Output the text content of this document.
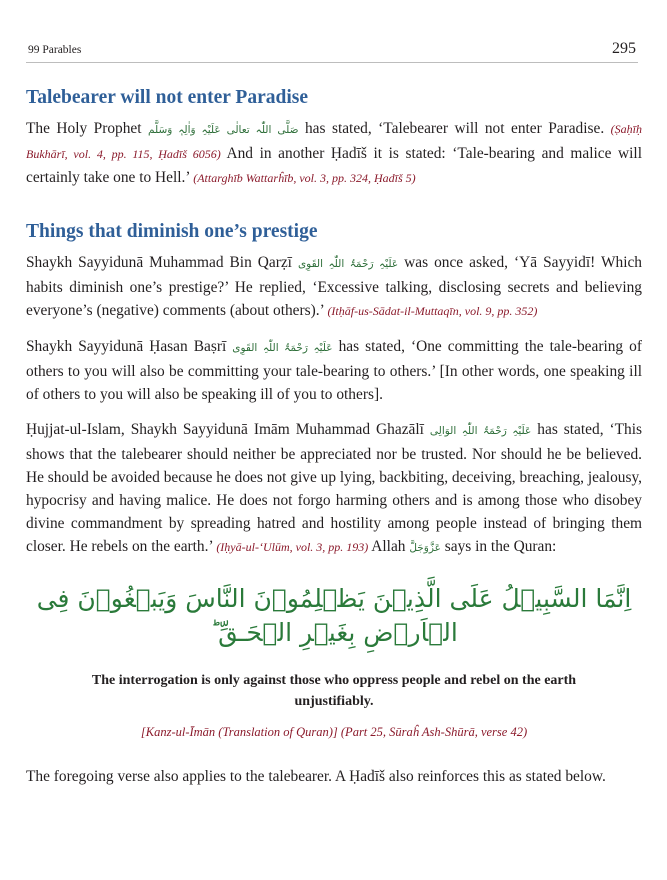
99 Parables	295
Talebearer will not enter Paradise

The Holy Prophet صَلَّی اللّٰہ تعالٰی عَلَیْہِ وَاٰلِہٖ وَسَلَّم has stated, ‘Talebearer will not enter Paradise. (Ṣaḥīḥ Bukhārī, vol. 4, pp. 115, Ḥadīš 6056) And in another Ḥadīš it is stated: ‘Tale-bearing and malice will certainly take one to Hell.’ (Attarghīb Wattarĥīb, vol. 3, pp. 324, Ḥadīš 5)

Things that diminish one’s prestige

Shaykh Sayyidunā Muhammad Bin Qarẓī عَلَیْہِ رَحْمَۃُ اللّٰہِ القَوِی was once asked, ‘Yā Sayyidī! Which habits diminish one’s prestige?’ He replied, ‘Excessive talking, disclosing secrets and believing everyone’s (negative) comments (about others).’ (Itḥāf-us-Sādat-il-Muttaqīn, vol. 9, pp. 352)

Shaykh Sayyidunā Ḥasan Baṣrī عَلَیْہِ رَحْمَۃُ اللّٰہِ القَوِی has stated, ‘One committing the tale-bearing of others to you will also be committing your tale-bearing to others.’ [In other words, one speaking ill of others to you will also be speaking ill of you to others].

Ḥujjat-ul-Islam, Shaykh Sayyidunā Imām Muhammad Ghazālī عَلَیْہِ رَحْمَۃُ اللّٰہِ الوَالِی has stated, ‘This shows that the talebearer should neither be appreciated nor be trusted. Nor should he be believed. He should be avoided because he does not give up lying, backbiting, deceiving, breaching, jealousy, hypocrisy and having malice. He does not forgo harming others and is among those who disobey divine commandment by spreading hatred and hostility among people instead of bringing them closer. He rebels on the earth.’ (Iḥyā-ul-‘Ulūm, vol. 3, pp. 193) Allah عَزَّوَجَلَّ says in the Quran:

اِنَّمَا السَّبِيۡلُ عَلَى الَّذِيۡنَ يَظۡلِمُوۡنَ النَّاسَ وَيَبۡغُوۡنَ فِى الۡاَرۡضِ بِغَيۡرِ الۡحَـقِّ ؕ
The interrogation is only against those who oppress people and rebel on the earth unjustifiably.
[Kanz-ul-Īmān (Translation of Quran)] (Part 25, Sūraĥ Ash-Shūrā, verse 42)

The foregoing verse also applies to the talebearer. A Ḥadīš also reinforces this as stated below.
